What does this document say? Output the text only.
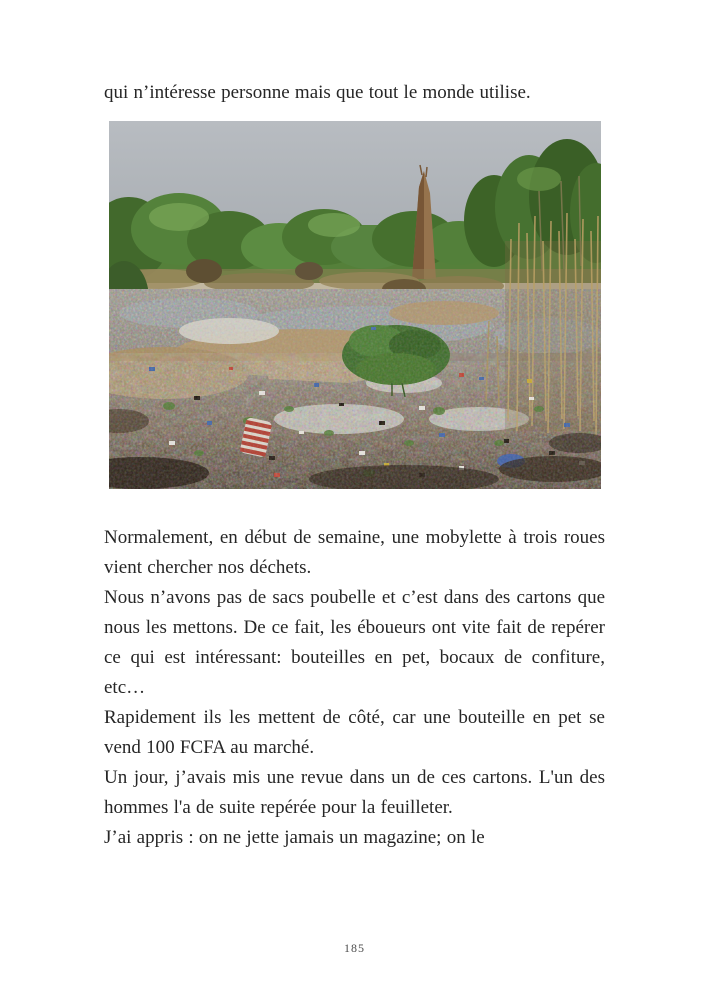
qui n’intéresse personne mais que tout le monde utilise.

Normalement, en début de semaine, une mobylette à trois roues vient chercher nos déchets.

Nous n’avons pas de sacs poubelle et c’est dans des cartons que nous les mettons. De ce fait, les éboueurs ont vite fait de repérer ce qui est intéressant: bouteilles en pet, bocaux de confiture, etc…

Rapidement ils les mettent de côté, car une bouteille en pet se vend 100 FCFA au marché.

Un jour, j’avais mis une revue dans un de ces cartons. L'un des hommes l'a de suite repérée pour la feuilleter.

J’ai appris : on ne jette jamais un magazine; on le

185
